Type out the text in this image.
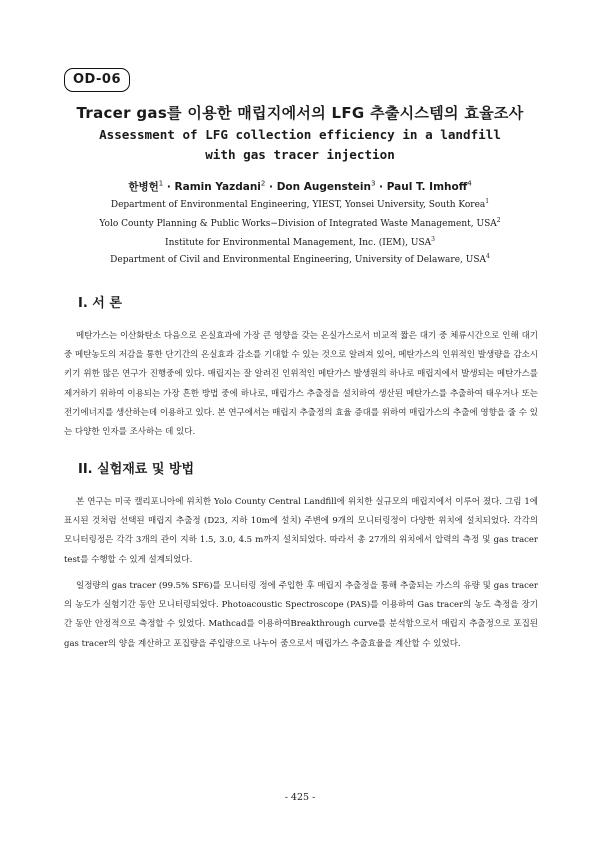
OD-06
Tracer gas를 이용한 매립지에서의 LFG 추출시스템의 효율조사
Assessment of LFG collection efficiency in a landfill
with gas tracer injection
한병헌$^1$ · Ramin Yazdani$^2$ · Don Augenstein$^3$ · Paul T. Imhoff$^4$
Department of Environmental Engineering, YIEST, Yonsei University, South Korea$^1$
Yolo County Planning & Public Works−Division of Integrated Waste Management, USA$^2$
Institute for Environmental Management, Inc. (IEM), USA$^3$
Department of Civil and Environmental Engineering, University of Delaware, USA$^4$
I. 서 론

메탄가스는 이산화탄소 다음으로 온실효과에 가장 큰 영향을 갖는 온실가스로서 비교적 짧은 대기 중 체류시간으로 인해 대기중 메탄농도의 저감을 통한 단기간의 온실효과 감소를 기대할 수 있는 것으로 알려져 있어, 메탄가스의 인위적인 발생량을 감소시키기 위한 많은 연구가 진행중에 있다. 매립지는 잘 알려진 인위적인 메탄가스 발생원의 하나로 매립지에서 발생되는 메탄가스를 제거하기 위하여 이용되는 가장 흔한 방법 중에 하나로, 매립가스 추출정을 설치하여 생산된 메탄가스를 추출하여 태우거나 또는 전기에너지를 생산하는데 이용하고 있다. 본 연구에서는 매립지 추출정의 효율 증대를 위하여 매립가스의 추출에 영향을 줄 수 있는 다양한 인자를 조사하는 데 있다.

II. 실험재료 및 방법

본 연구는 미국 캘리포니아에 위치한 Yolo County Central Landfill에 위치한 실규모의 매립지에서 이루어 졌다. 그림 1에 표시된 것처럼 선택된 매립지 추출정 (D23, 지하 10m에 설치) 주변에 9개의 모니터링정이 다양한 위치에 설치되었다. 각각의 모니터링정은 각각 3개의 관이 지하 1.5, 3.0, 4.5 m까지 설치되었다. 따라서 총 27개의 위치에서 압력의 측정 및 gas tracer test를 수행할 수 있게 설계되었다.

일정량의 gas tracer (99.5% SF6)를 모니터링 정에 주입한 후 매립지 추출정을 통해 추출되는 가스의 유량 및 gas tracer의 농도가 실험기간 동안 모니터링되었다. Photoacoustic Spectroscope (PAS)를 이용하여 Gas tracer의 농도 측정을 장기간 동안 안정적으로 측정할 수 있었다. Mathcad를 이용하여Breakthrough curve를 분석함으로서 매립지 추출정으로 포집된 gas tracer의 양을 계산하고 포집량을 주입량으로 나누어 줌으로서 매립가스 추출효율을 계산할 수 있었다.

- 425 -
